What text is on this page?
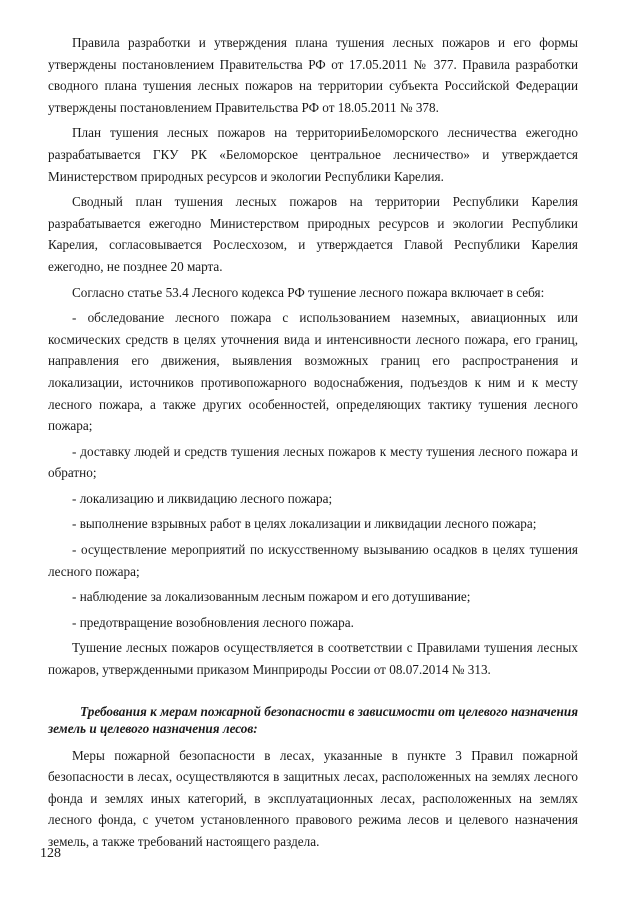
Правила разработки и утверждения плана тушения лесных пожаров и его формы утверждены постановлением Правительства РФ от 17.05.2011 № 377. Правила разработки сводного плана тушения лесных пожаров на территории субъекта Российской Федерации утверждены постановлением Правительства РФ от 18.05.2011 № 378.

План тушения лесных пожаров на территорииБеломорского лесничества ежегодно разрабатывается ГКУ РК «Беломорское центральное лесничество» и утверждается Министерством природных ресурсов и экологии Республики Карелия.

Сводный план тушения лесных пожаров на территории Республики Карелия разрабатывается ежегодно Министерством природных ресурсов и экологии Республики Карелия, согласовывается Рослесхозом, и утверждается Главой Республики Карелия ежегодно, не позднее 20 марта.

Согласно статье 53.4 Лесного кодекса РФ тушение лесного пожара включает в себя:

- обследование лесного пожара с использованием наземных, авиационных или космических средств в целях уточнения вида и интенсивности лесного пожара, его границ, направления его движения, выявления возможных границ его распространения и локализации, источников противопожарного водоснабжения, подъездов к ним и к месту лесного пожара, а также других особенностей, определяющих тактику тушения лесного пожара;

- доставку людей и средств тушения лесных пожаров к месту тушения лесного пожара и обратно;

- локализацию и ликвидацию лесного пожара;

- выполнение взрывных работ в целях локализации и ликвидации лесного пожара;

- осуществление мероприятий по искусственному вызыванию осадков в целях тушения лесного пожара;

- наблюдение за локализованным лесным пожаром и его дотушивание;

- предотвращение возобновления лесного пожара.

Тушение лесных пожаров осуществляется в соответствии с Правилами тушения лесных пожаров, утвержденными приказом Минприроды России от 08.07.2014 № 313.

Требования к мерам пожарной безопасности в зависимости от целевого назначения земель и целевого назначения лесов:

Меры пожарной безопасности в лесах, указанные в пункте 3 Правил пожарной безопасности в лесах, осуществляются в защитных лесах, расположенных на землях лесного фонда и землях иных категорий, в эксплуатационных лесах, расположенных на землях лесного фонда, с учетом установленного правового режима лесов и целевого назначения земель, а также требований настоящего раздела.

128
